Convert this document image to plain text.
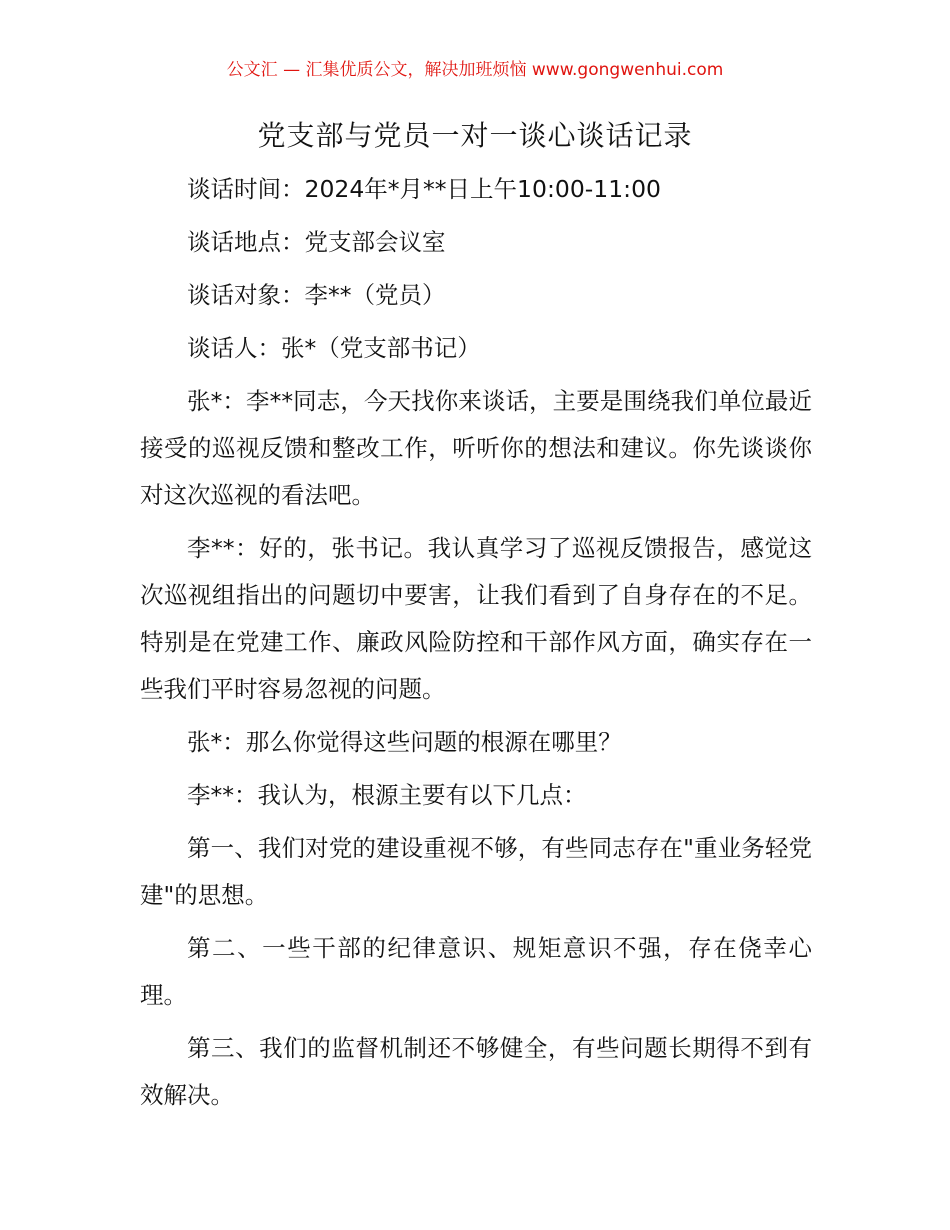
公文汇 — 汇集优质公文，解决加班烦恼 www.gongwenhui.com
党支部与党员一对一谈心谈话记录

谈话时间：2024年*月**日上午10:00-11:00

谈话地点：党支部会议室

谈话对象：李**（党员）

谈话人：张*（党支部书记）

张*：李**同志，今天找你来谈话，主要是围绕我们单位最近接受的巡视反馈和整改工作，听听你的想法和建议。你先谈谈你对这次巡视的看法吧。

李**：好的，张书记。我认真学习了巡视反馈报告，感觉这次巡视组指出的问题切中要害，让我们看到了自身存在的不足。特别是在党建工作、廉政风险防控和干部作风方面，确实存在一些我们平时容易忽视的问题。

张*：那么你觉得这些问题的根源在哪里？

李**：我认为，根源主要有以下几点：

第一、我们对党的建设重视不够，有些同志存在"重业务轻党建"的思想。

第二、一些干部的纪律意识、规矩意识不强，存在侥幸心理。

第三、我们的监督机制还不够健全，有些问题长期得不到有效解决。
